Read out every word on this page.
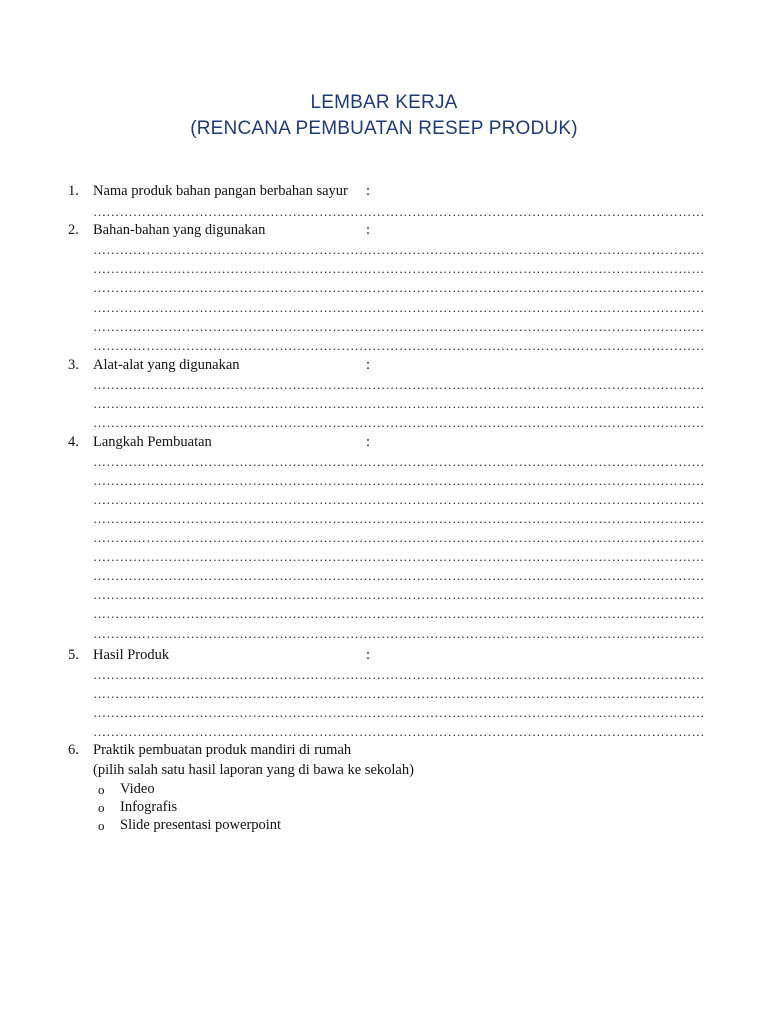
LEMBAR KERJA
(RENCANA PEMBUATAN RESEP PRODUK)
1. Nama produk bahan pangan berbahan sayur :
…………………………………………………………………………………………………………………………
2. Bahan-bahan yang digunakan	:
…………………………………………………………………………………………………………………………
…………………………………………………………………………………………………………………………
…………………………………………………………………………………………………………………………
…………………………………………………………………………………………………………………………
…………………………………………………………………………………………………………………………
…………………………………………………………………………………………………………………………
3. Alat-alat yang digunakan	:
…………………………………………………………………………………………………………………………
…………………………………………………………………………………………………………………………
…………………………………………………………………………………………………………………………
4. Langkah Pembuatan	:
…………………………………………………………………………………………………………………………
…………………………………………………………………………………………………………………………
…………………………………………………………………………………………………………………………
…………………………………………………………………………………………………………………………
…………………………………………………………………………………………………………………………
…………………………………………………………………………………………………………………………
…………………………………………………………………………………………………………………………
…………………………………………………………………………………………………………………………
…………………………………………………………………………………………………………………………
…………………………………………………………………………………………………………………………
5. Hasil Produk	:
…………………………………………………………………………………………………………………………
…………………………………………………………………………………………………………………………
…………………………………………………………………………………………………………………………
…………………………………………………………………………………………………………………………
6. Praktik pembuatan produk mandiri di rumah
(pilih salah satu hasil laporan yang di bawa ke sekolah)
o Video
o Infografis
o Slide presentasi powerpoint
